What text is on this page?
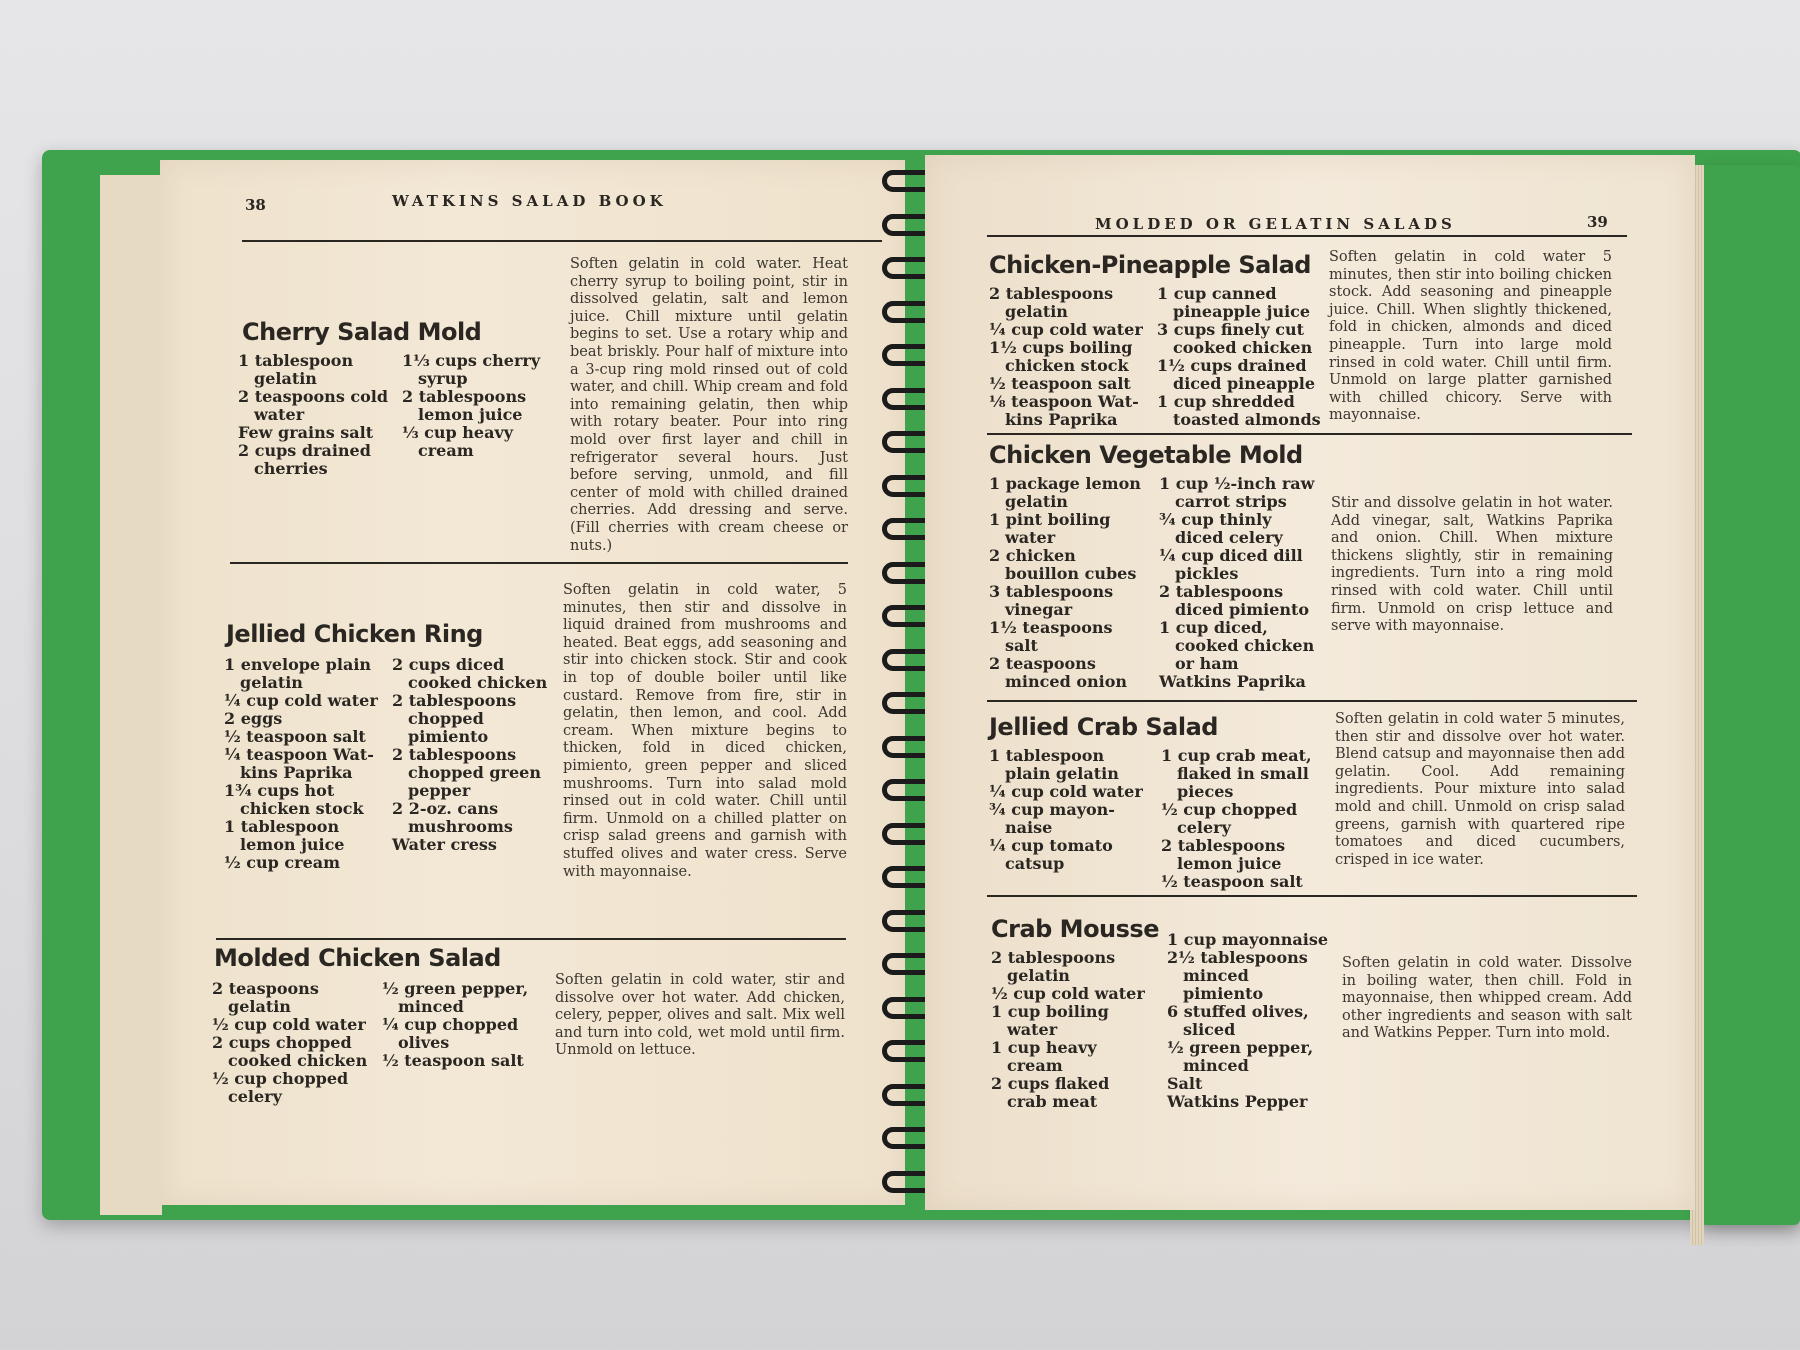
38	WATKINS SALAD BOOK
Cherry Salad Mold
1 tablespoon
gelatin
2 teaspoons cold
water
Few grains salt
2 cups drained
cherries
1⅓ cups cherry
syrup
2 tablespoons
lemon juice
⅓ cup heavy
cream
Soften gelatin in cold water. Heat cherry syrup to boiling point, stir in dissolved gelatin, salt and lemon juice. Chill mixture until gelatin begins to set. Use a rotary whip and beat briskly. Pour half of mixture into a 3-cup ring mold rinsed out of cold water, and chill. Whip cream and fold into remaining gelatin, then whip with rotary beater. Pour into ring mold over first layer and chill in refrigerator several hours. Just before serving, unmold, and fill center of mold with chilled drained cherries. Add dressing and serve. (Fill cherries with cream cheese or nuts.)
Jellied Chicken Ring
1 envelope plain
gelatin
¼ cup cold water
2 eggs
½ teaspoon salt
¼ teaspoon Wat-
kins Paprika
1¾ cups hot
chicken stock
1 tablespoon
lemon juice
½ cup cream
2 cups diced
cooked chicken
2 tablespoons
chopped
pimiento
2 tablespoons
chopped green
pepper
2 2-oz. cans
mushrooms
Water cress
Soften gelatin in cold water, 5 minutes, then stir and dissolve in liquid drained from mushrooms and heated. Beat eggs, add seasoning and stir into chicken stock. Stir and cook in top of double boiler until like custard. Remove from fire, stir in gelatin, then lemon, and cool. Add cream. When mixture begins to thicken, fold in diced chicken, pimiento, green pepper and sliced mushrooms. Turn into salad mold rinsed out in cold water. Chill until firm. Unmold on a chilled platter on crisp salad greens and garnish with stuffed olives and water cress. Serve with mayonnaise.
Molded Chicken Salad
2 teaspoons
gelatin
½ cup cold water
2 cups chopped
cooked chicken
½ cup chopped
celery
½ green pepper,
minced
¼ cup chopped
olives
½ teaspoon salt
Soften gelatin in cold water, stir and dissolve over hot water. Add chicken, celery, pepper, olives and salt. Mix well and turn into cold, wet mold until firm. Unmold on lettuce.
MOLDED OR GELATIN SALADS	39
Chicken-Pineapple Salad
2 tablespoons
gelatin
¼ cup cold water
1½ cups boiling
chicken stock
½ teaspoon salt
⅛ teaspoon Wat-
kins Paprika
1 cup canned
pineapple juice
3 cups finely cut
cooked chicken
1½ cups drained
diced pineapple
1 cup shredded
toasted almonds
Soften gelatin in cold water 5 minutes, then stir into boiling chicken stock. Add seasoning and pineapple juice. Chill. When slightly thickened, fold in chicken, almonds and diced pineapple. Turn into large mold rinsed in cold water. Chill until firm. Unmold on large platter garnished with chilled chicory. Serve with mayonnaise.
Chicken Vegetable Mold
1 package lemon
gelatin
1 pint boiling
water
2 chicken
bouillon cubes
3 tablespoons
vinegar
1½ teaspoons
salt
2 teaspoons
minced onion
1 cup ½-inch raw
carrot strips
¾ cup thinly
diced celery
¼ cup diced dill
pickles
2 tablespoons
diced pimiento
1 cup diced,
cooked chicken
or ham
Watkins Paprika
Stir and dissolve gelatin in hot water. Add vinegar, salt, Watkins Paprika and onion. Chill. When mixture thickens slightly, stir in remaining ingredients. Turn into a ring mold rinsed with cold water. Chill until firm. Unmold on crisp lettuce and serve with mayonnaise.
Jellied Crab Salad
1 tablespoon
plain gelatin
¼ cup cold water
¾ cup mayon-
naise
¼ cup tomato
catsup
1 cup crab meat,
flaked in small
pieces
½ cup chopped
celery
2 tablespoons
lemon juice
½ teaspoon salt
Soften gelatin in cold water 5 minutes, then stir and dissolve over hot water. Blend catsup and mayonnaise then add gelatin. Cool. Add remaining ingredients. Pour mixture into salad mold and chill. Unmold on crisp salad greens, garnish with quartered ripe tomatoes and diced cucumbers, crisped in ice water.
Crab Mousse
2 tablespoons
gelatin
½ cup cold water
1 cup boiling
water
1 cup heavy
cream
2 cups flaked
crab meat
1 cup mayonnaise
2½ tablespoons
minced
pimiento
6 stuffed olives,
sliced
½ green pepper,
minced
Salt
Watkins Pepper
Soften gelatin in cold water. Dissolve in boiling water, then chill. Fold in mayonnaise, then whipped cream. Add other ingredients and season with salt and Watkins Pepper. Turn into mold.
